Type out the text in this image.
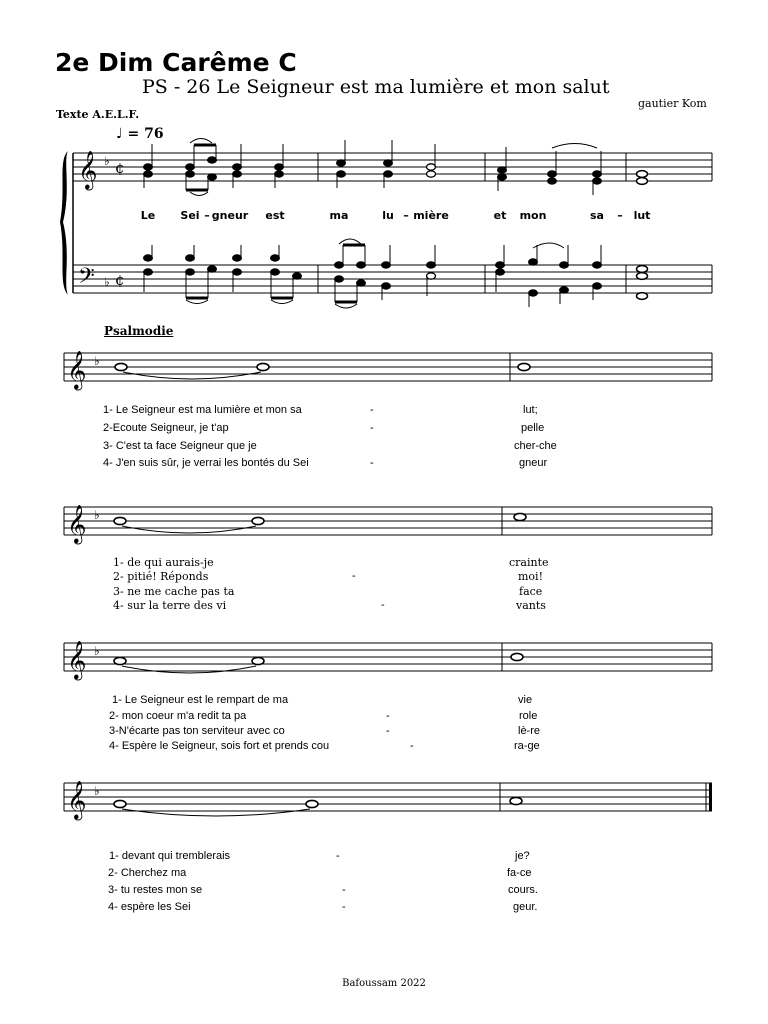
2e Dim Carême C
PS - 26 Le Seigneur est ma lumière et mon salut
gautier Kom
Texte A.E.L.F.
♩ = 76
𝄞
𝄢
♭
♭
¢
¢
𝄞 ♭
𝄞 ♭
𝄞 ♭
𝄞 ♭
Le Sei – gneur est	ma	lu – mière	et mon	sa – lut
Psalmodie
1- Le Seigneur est ma lumière et mon sa	-	lut;
2-Ecoute Seigneur, je t'ap	-	pelle
3- C'est ta face Seigneur que je	cher-che
4- J'en suis sûr, je verrai les bontés du Sei	-	gneur
1- de qui aurais-je	crainte
2- pitié! Réponds	-	moi!
3- ne me cache pas ta	face
4- sur la terre des vi	-	vants
1- Le Seigneur est le rempart de ma	vie
2- mon coeur m'a redit ta pa	-	role
3-N'écarte pas ton serviteur avec co	-	lè-re
4- Espère le Seigneur, sois fort et prends cou	-	ra-ge
1- devant qui tremblerais	-	je?
2- Cherchez ma	fa-ce
3- tu restes mon se	-	cours.
4- espère les Sei	-	geur.
Bafoussam 2022
